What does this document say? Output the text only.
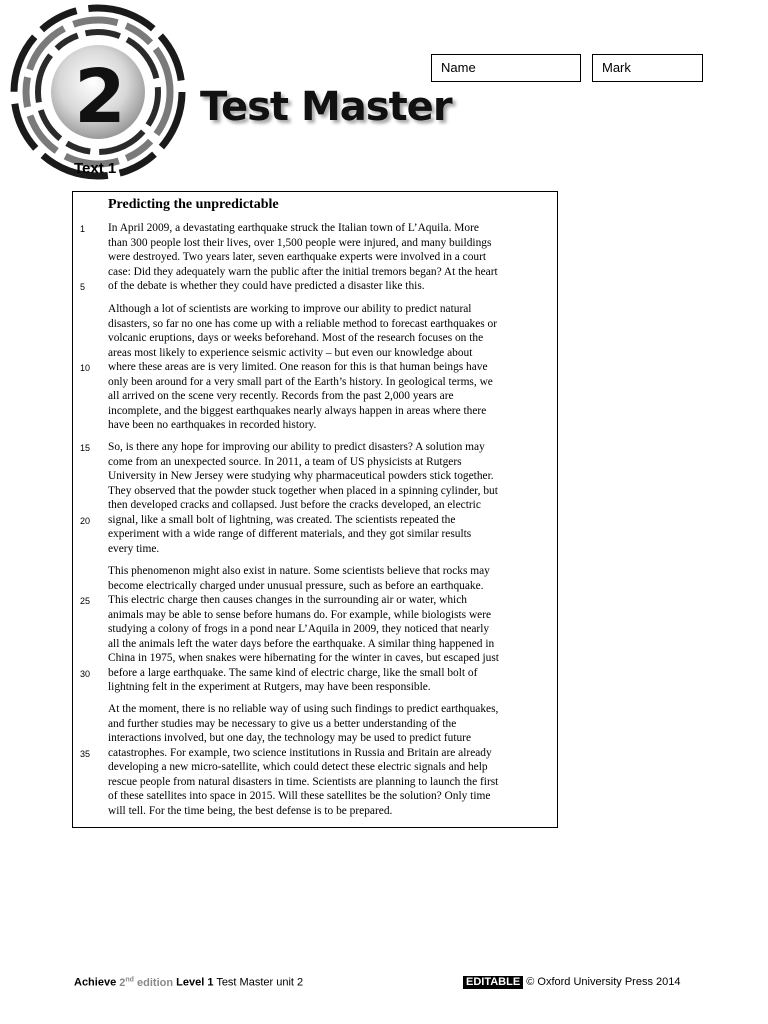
2 Test Master
Name	Mark
Text 1
Predicting the unpredictable
In April 2009, a devastating earthquake struck the Italian town of L’Aquila. More
than 300 people lost their lives, over 1,500 people were injured, and many buildings
were destroyed. Two years later, seven earthquake experts were involved in a court
case: Did they adequately warn the public after the initial tremors began? At the heart
of the debate is whether they could have predicted a disaster like this.
Although a lot of scientists are working to improve our ability to predict natural
disasters, so far no one has come up with a reliable method to forecast earthquakes or
volcanic eruptions, days or weeks beforehand. Most of the research focuses on the
areas most likely to experience seismic activity – but even our knowledge about
where these areas are is very limited. One reason for this is that human beings have
only been around for a very small part of the Earth’s history. In geological terms, we
all arrived on the scene very recently. Records from the past 2,000 years are
incomplete, and the biggest earthquakes nearly always happen in areas where there
have been no earthquakes in recorded history.
So, is there any hope for improving our ability to predict disasters? A solution may
come from an unexpected source. In 2011, a team of US physicists at Rutgers
University in New Jersey were studying why pharmaceutical powders stick together.
They observed that the powder stuck together when placed in a spinning cylinder, but
then developed cracks and collapsed. Just before the cracks developed, an electric
signal, like a small bolt of lightning, was created. The scientists repeated the
experiment with a wide range of different materials, and they got similar results
every time.
This phenomenon might also exist in nature. Some scientists believe that rocks may
become electrically charged under unusual pressure, such as before an earthquake.
This electric charge then causes changes in the surrounding air or water, which
animals may be able to sense before humans do. For example, while biologists were
studying a colony of frogs in a pond near L’Aquila in 2009, they noticed that nearly
all the animals left the water days before the earthquake. A similar thing happened in
China in 1975, when snakes were hibernating for the winter in caves, but escaped just
before a large earthquake. The same kind of electric charge, like the small bolt of
lightning felt in the experiment at Rutgers, may have been responsible.
At the moment, there is no reliable way of using such findings to predict earthquakes,
and further studies may be necessary to give us a better understanding of the
interactions involved, but one day, the technology may be used to predict future
catastrophes. For example, two science institutions in Russia and Britain are already
developing a new micro-satellite, which could detect these electric signals and help
rescue people from natural disasters in time. Scientists are planning to launch the first
of these satellites into space in 2015. Will these satellites be the solution? Only time
will tell. For the time being, the best defense is to be prepared.
1
5
10
15
20
25
30
35
Achieve 2nd edition Level 1 Test Master unit 2	EDITABLE © Oxford University Press 2014
